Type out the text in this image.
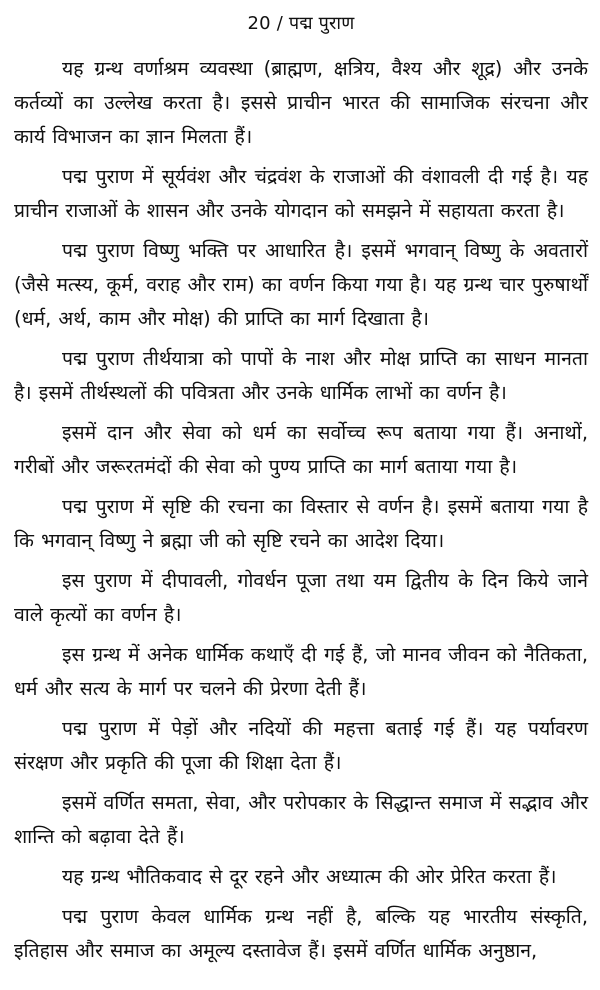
20 / पद्म पुराण

यह ग्रन्थ वर्णाश्रम व्यवस्था (ब्राह्मण, क्षत्रिय, वैश्य और शूद्र) और उनके कर्तव्यों का उल्लेख करता है। इससे प्राचीन भारत की सामाजिक संरचना और कार्य विभाजन का ज्ञान मिलता हैं।

पद्म पुराण में सूर्यवंश और चंद्रवंश के राजाओं की वंशावली दी गई है। यह प्राचीन राजाओं के शासन और उनके योगदान को समझने में सहायता करता है।

पद्म पुराण विष्णु भक्ति पर आधारित है। इसमें भगवान् विष्णु के अवतारों (जैसे मत्स्य, कूर्म, वराह और राम) का वर्णन किया गया है। यह ग्रन्थ चार पुरुषार्थों (धर्म, अर्थ, काम और मोक्ष) की प्राप्ति का मार्ग दिखाता है।

पद्म पुराण तीर्थयात्रा को पापों के नाश और मोक्ष प्राप्ति का साधन मानता है। इसमें तीर्थस्थलों की पवित्रता और उनके धार्मिक लाभों का वर्णन है।

इसमें दान और सेवा को धर्म का सर्वोच्च रूप बताया गया हैं। अनाथों, गरीबों और जरूरतमंदों की सेवा को पुण्य प्राप्ति का मार्ग बताया गया है।

पद्म पुराण में सृष्टि की रचना का विस्तार से वर्णन है। इसमें बताया गया है कि भगवान् विष्णु ने ब्रह्मा जी को सृष्टि रचने का आदेश दिया।

इस पुराण में दीपावली, गोवर्धन पूजा तथा यम द्वितीय के दिन किये जाने वाले कृत्यों का वर्णन है।

इस ग्रन्थ में अनेक धार्मिक कथाएँ दी गई हैं, जो मानव जीवन को नैतिकता, धर्म और सत्य के मार्ग पर चलने की प्रेरणा देती हैं।

पद्म पुराण में पेड़ों और नदियों की महत्ता बताई गई हैं। यह पर्यावरण संरक्षण और प्रकृति की पूजा की शिक्षा देता हैं।

इसमें वर्णित समता, सेवा, और परोपकार के सिद्धान्त समाज में सद्भाव और शान्ति को बढ़ावा देते हैं।

यह ग्रन्थ भौतिकवाद से दूर रहने और अध्यात्म की ओर प्रेरित करता हैं।

पद्म पुराण केवल धार्मिक ग्रन्थ नहीं है, बल्कि यह भारतीय संस्कृति, इतिहास और समाज का अमूल्य दस्तावेज हैं। इसमें वर्णित धार्मिक अनुष्ठान,
